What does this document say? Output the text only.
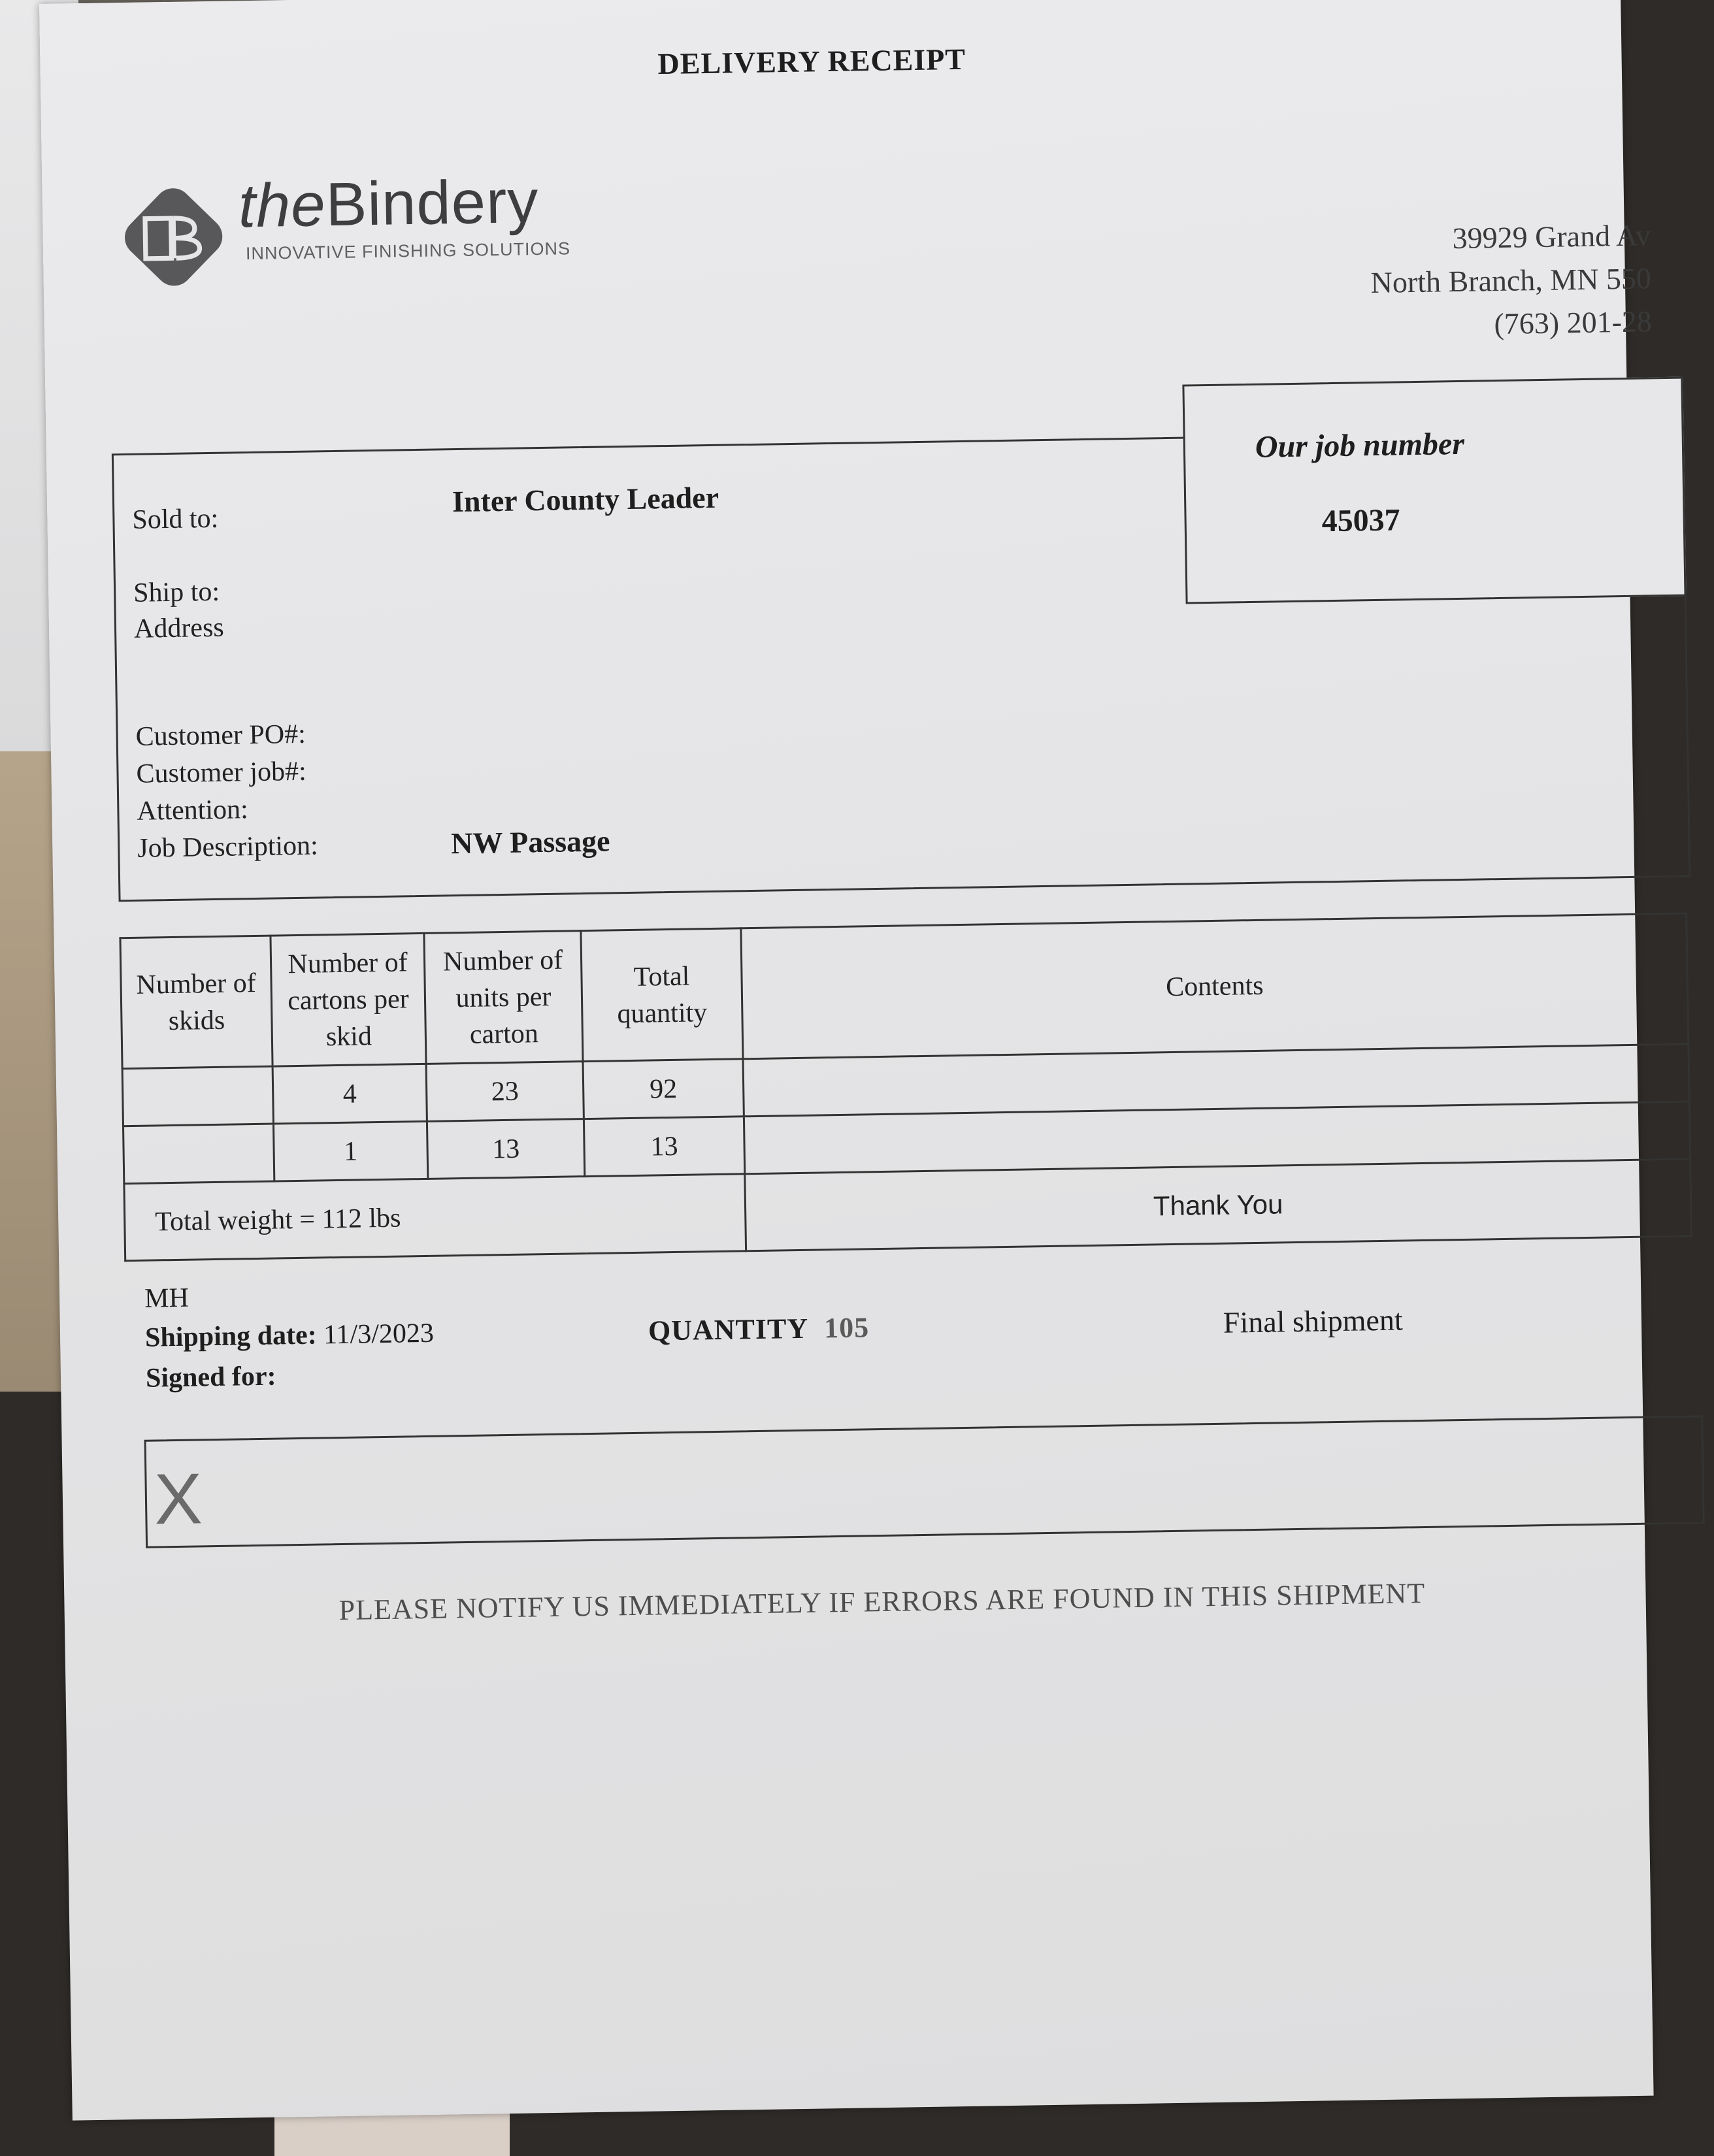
DELIVERY RECEIPT
theBindery
INNOVATIVE FINISHING SOLUTIONS	39929 Grand Av
North Branch, MN 550
(763) 201-28
Our job number
45037
Sold to:
Inter County Leader
Ship to:
Address
Customer PO#:
Customer job#:
Attention:
Job Description:	NW Passage
Number of skids	Number of cartons per skid	Number of units per carton	Total quantity	Contents
	4	23	92	
	1	13	13	
Total weight = 112 lbs				Thank You
MH
Shipping date: 11/3/2023
Signed for:
QUANTITY 105	Final shipment
X
PLEASE NOTIFY US IMMEDIATELY IF ERRORS ARE FOUND IN THIS SHIPMENT
